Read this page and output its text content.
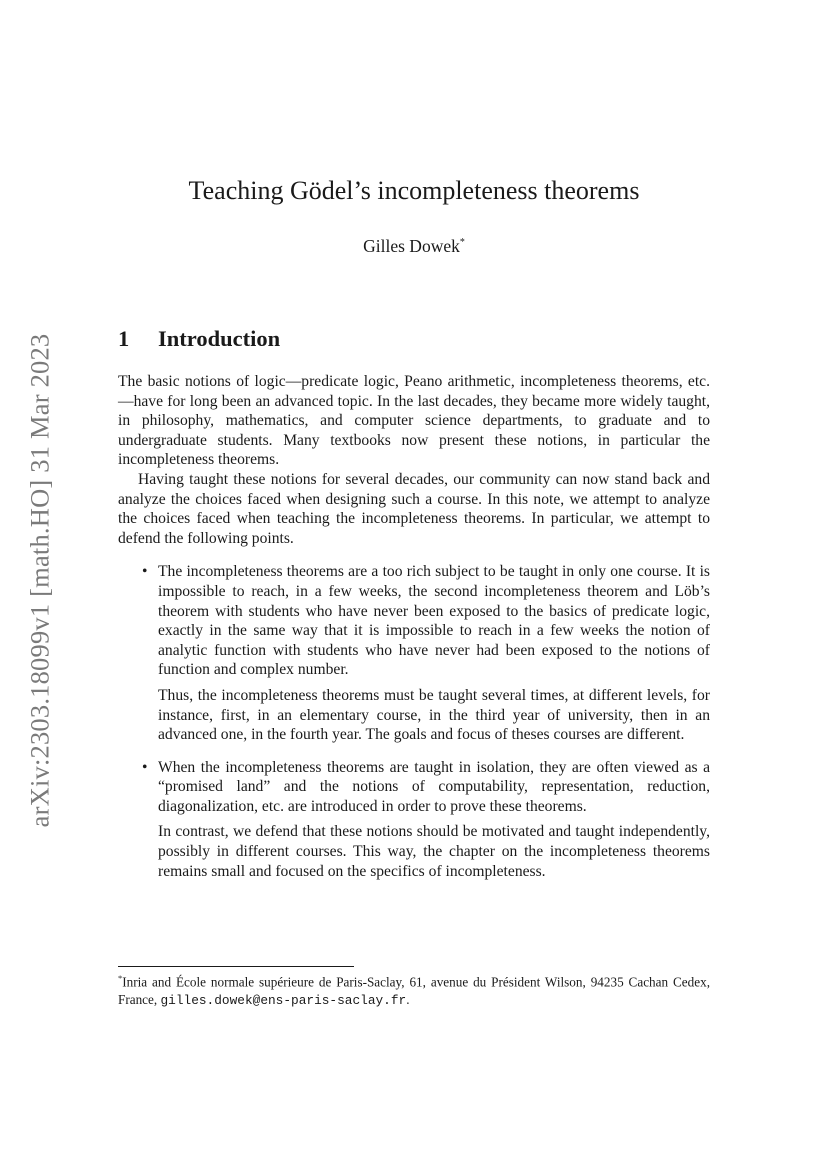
arXiv:2303.18099v1 [math.HO] 31 Mar 2023
Teaching Gödel’s incompleteness theorems
Gilles Dowek*
1 Introduction

The basic notions of logic—predicate logic, Peano arithmetic, incompleteness theorems, etc.—have for long been an advanced topic. In the last decades, they became more widely taught, in philosophy, mathematics, and computer science departments, to graduate and to undergraduate students. Many textbooks now present these notions, in particular the incompleteness theorems.

Having taught these notions for several decades, our community can now stand back and analyze the choices faced when designing such a course. In this note, we attempt to analyze the choices faced when teaching the incompleteness theorems. In particular, we attempt to defend the following points.

• The incompleteness theorems are a too rich subject to be taught in only one course. It is impossible to reach, in a few weeks, the second incompleteness theorem and Löb’s theorem with students who have never been exposed to the basics of predicate logic, exactly in the same way that it is impossible to reach in a few weeks the notion of analytic function with students who have never had been exposed to the notions of function and complex number.

Thus, the incompleteness theorems must be taught several times, at different levels, for instance, first, in an elementary course, in the third year of university, then in an advanced one, in the fourth year. The goals and focus of theses courses are different.

• When the incompleteness theorems are taught in isolation, they are often viewed as a “promised land” and the notions of computability, representation, reduction, diagonalization, etc. are introduced in order to prove these theorems.

In contrast, we defend that these notions should be motivated and taught independently, possibly in different courses. This way, the chapter on the incompleteness theorems remains small and focused on the specifics of incompleteness.

*Inria and École normale supérieure de Paris-Saclay, 61, avenue du Président Wilson, 94235 Cachan Cedex, France, gilles.dowek@ens-paris-saclay.fr.
